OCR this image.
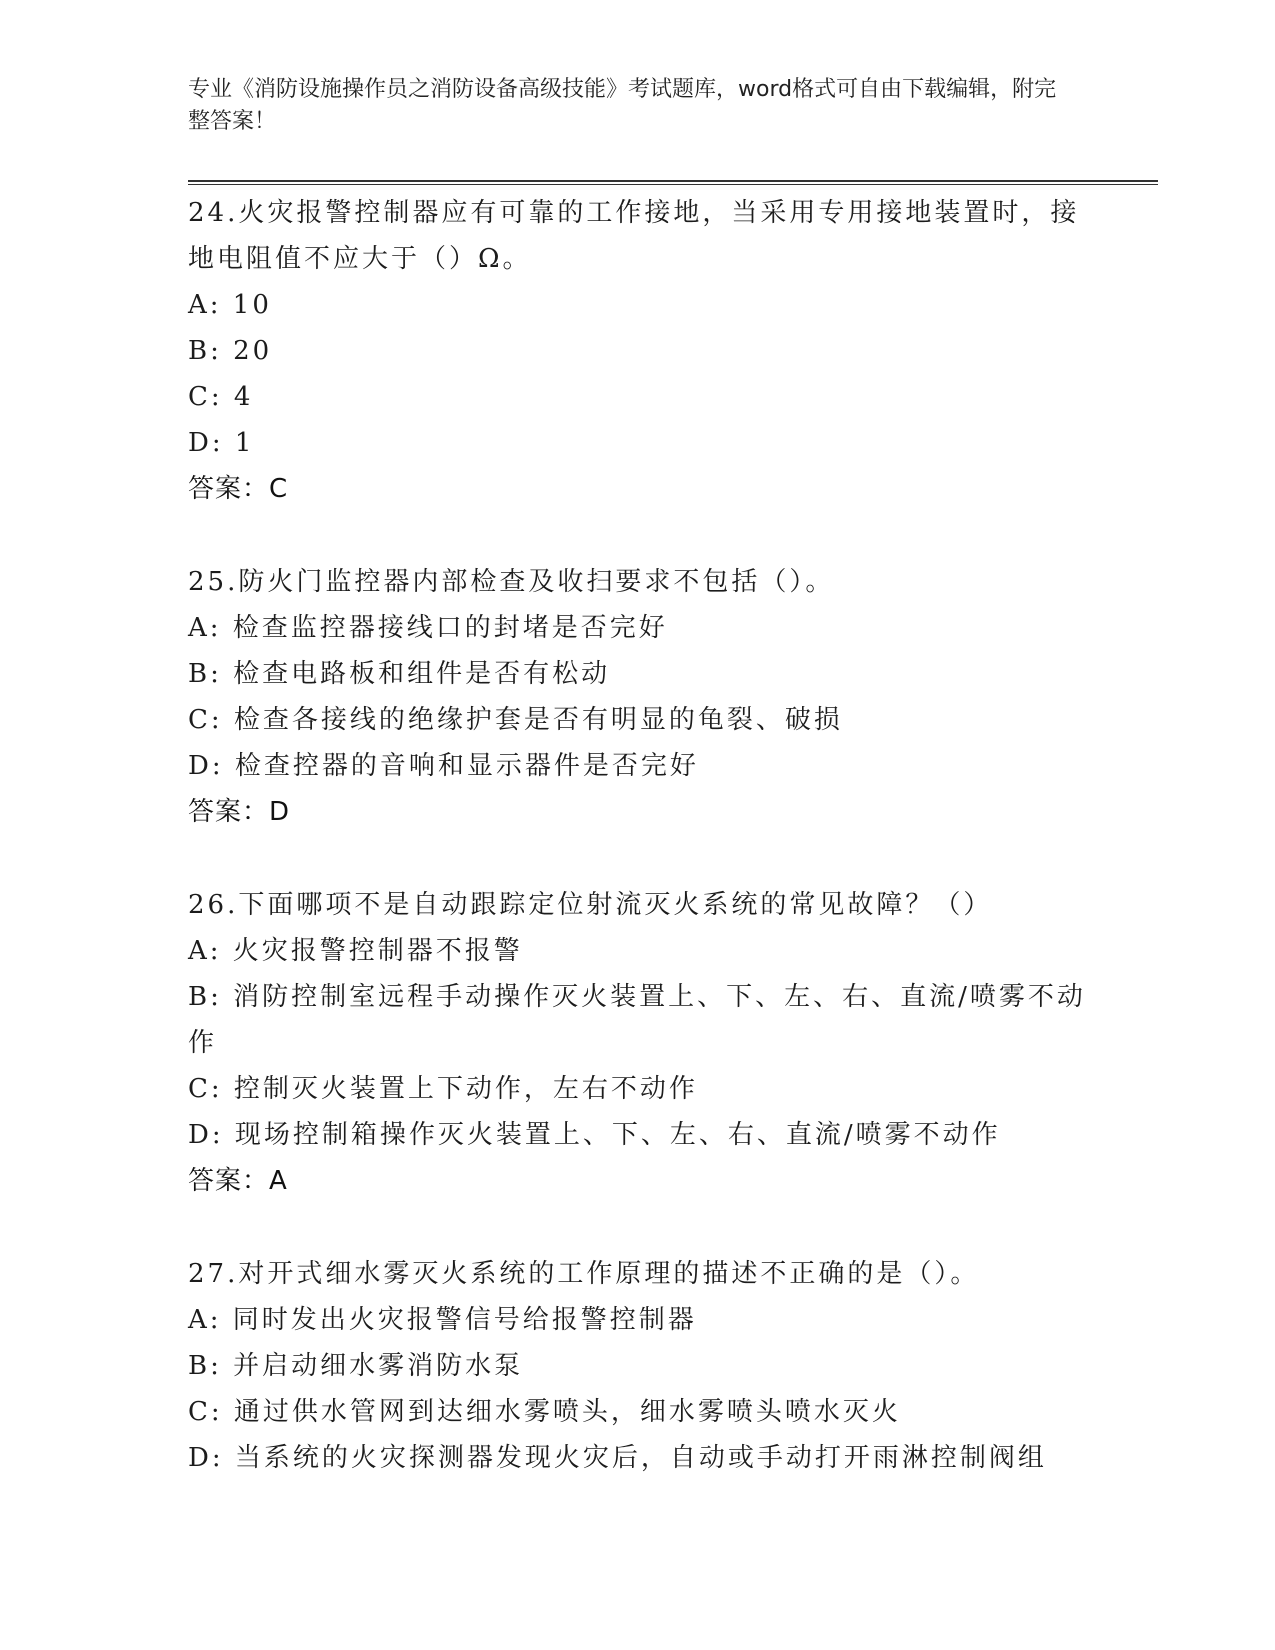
专业《消防设施操作员之消防设备高级技能》考试题库，word格式可自由下载编辑，附完整答案！
24.火灾报警控制器应有可靠的工作接地，当采用专用接地装置时，接地电阻值不应大于（）Ω。
A: 10
B: 20
C: 4
D: 1
答案：C
25.防火门监控器内部检查及收扫要求不包括（）。
A: 检查监控器接线口的封堵是否完好
B: 检查电路板和组件是否有松动
C: 检查各接线的绝缘护套是否有明显的龟裂、破损
D: 检查控器的音响和显示器件是否完好
答案：D
26.下面哪项不是自动跟踪定位射流灭火系统的常见故障？（）
A: 火灾报警控制器不报警
B: 消防控制室远程手动操作灭火装置上、下、左、右、直流/喷雾不动作
C: 控制灭火装置上下动作，左右不动作
D: 现场控制箱操作灭火装置上、下、左、右、直流/喷雾不动作
答案：A
27.对开式细水雾灭火系统的工作原理的描述不正确的是（）。
A: 同时发出火灾报警信号给报警控制器
B: 并启动细水雾消防水泵
C: 通过供水管网到达细水雾喷头，细水雾喷头喷水灭火
D: 当系统的火灾探测器发现火灾后，自动或手动打开雨淋控制阀组
